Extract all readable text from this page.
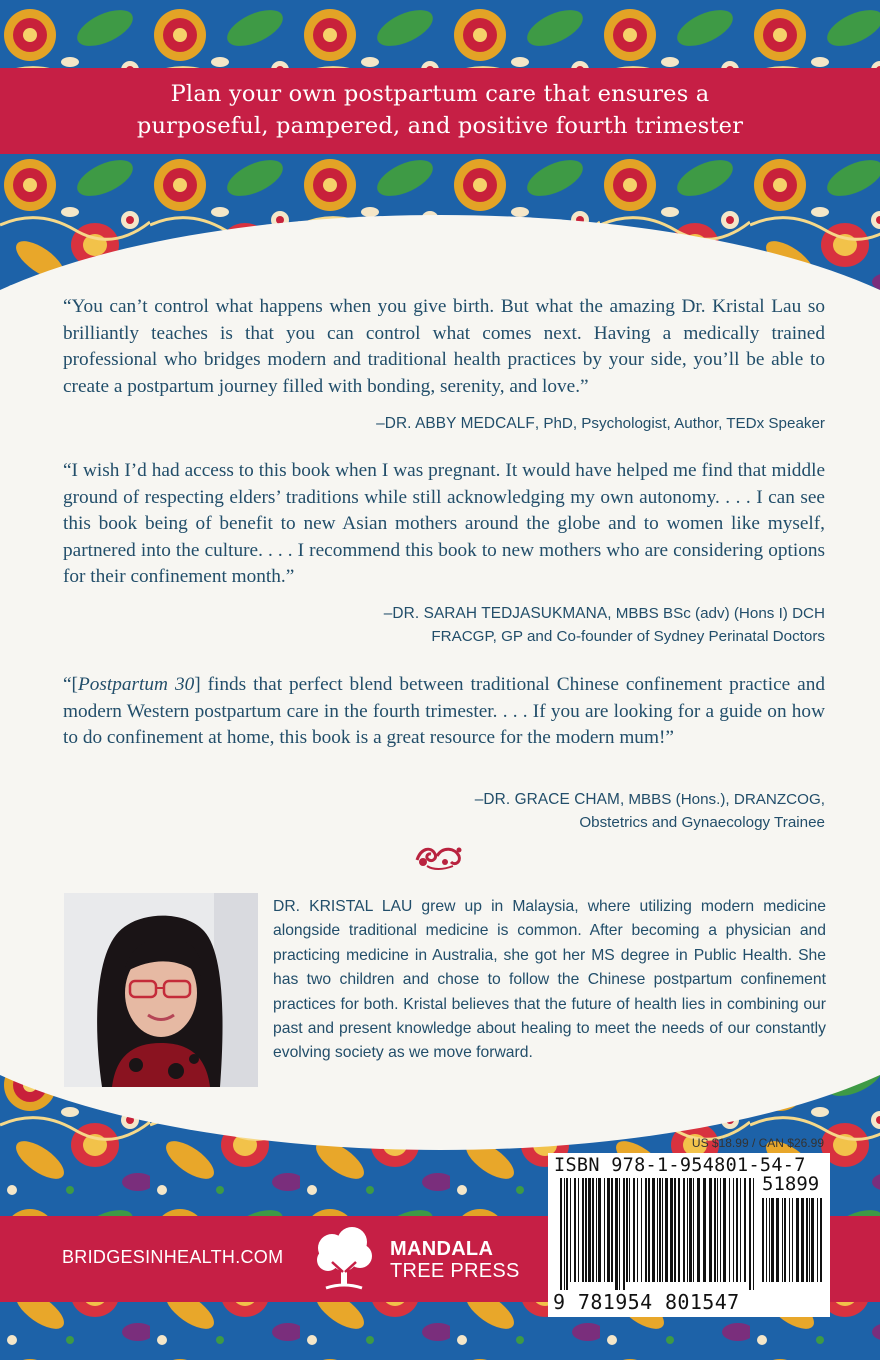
Plan your own postpartum care that ensures a
purposeful, pampered, and positive fourth trimester

“You can’t control what happens when you give birth. But what the amazing Dr. Kristal Lau so brilliantly teaches is that you can control what comes next. Having a medically trained professional who bridges modern and traditional health practices by your side, you’ll be able to create a postpartum journey filled with bonding, serenity, and love.”

–DR. ABBY MEDCALF, PhD, Psychologist, Author, TEDx Speaker

“I wish I’d had access to this book when I was pregnant. It would have helped me find that middle ground of respecting elders’ traditions while still acknowledging my own autonomy. . . . I can see this book being of benefit to new Asian mothers around the globe and to women like myself, partnered into the culture. . . . I recommend this book to new mothers who are considering options for their confinement month.”

–DR. SARAH TEDJASUKMANA, MBBS BSc (adv) (Hons I) DCH
FRACGP, GP and Co-founder of Sydney Perinatal Doctors

“[Postpartum 30] finds that perfect blend between traditional Chinese confinement practice and modern Western postpartum care in the fourth trimester. . . . If you are looking for a guide on how to do confinement at home, this book is a great resource for the modern mum!”

–DR. GRACE CHAM, MBBS (Hons.), DRANZCOG,
Obstetrics and Gynaecology Trainee

DR. KRISTAL LAU grew up in Malaysia, where utilizing modern medicine alongside traditional medicine is common. After becoming a physician and practicing medicine in Australia, she got her MS degree in Public Health. She has two children and chose to follow the Chinese postpartum confinement practices for both. Kristal believes that the future of health lies in combining our past and present knowledge about healing to meet the needs of our constantly evolving society as we move forward.

BRIDGESINHEALTH.COM	MANDALA
TREE PRESS
US $18.99 / CAN $26.99
ISBN 978-1-954801-54-7
51899
9 781954 801547
